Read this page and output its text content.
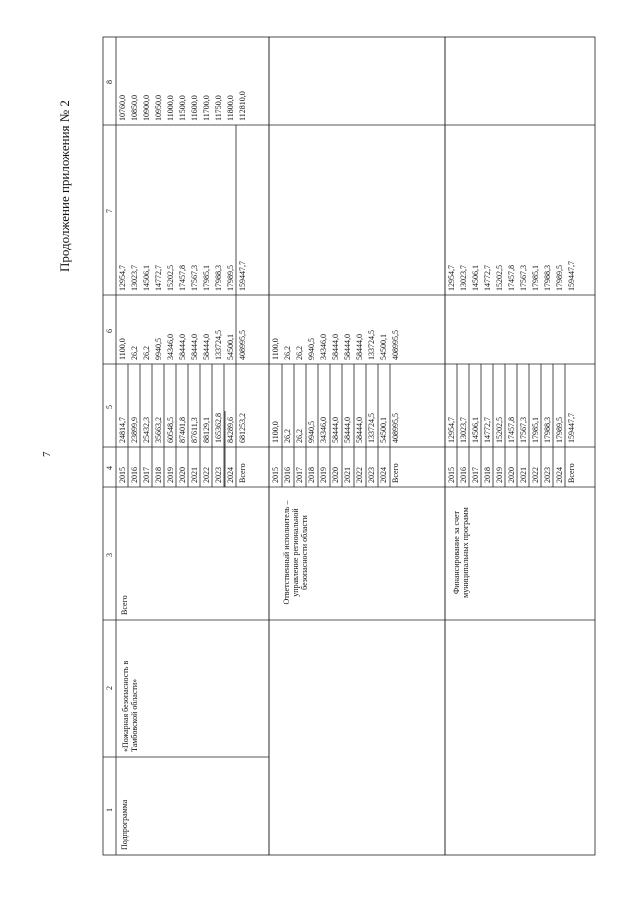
Продолжение приложения № 2
7
1
2
3
4
5
6
7
8
Подпрограмма
«Пожарная безопасность в Тамбовской области»
Всего
Ответственный исполнитель – управление региональной безопасности области	Финансирование за счет муниципальных программ
2015 2016 2017 2018 2019 2020 2021 2022 2023 2024 Всего
24814,7 23899,9 25432,3 35663,2 60548,5 87401,8 87611,3 88129,1 165362,8 84289,6 681253,2
1100,0 26,2 26,2 9940,5 34346,0 58444,0 58444,0 58444,0 133724,5 54500,1 408995,5
12954,7 13023,7 14506,1 14772,7 15202,5 17457,8 17567,3 17985,1 17988,3 17989,5 159447,7
10760,0 10850,0 10900,0 10950,0 11000,0 11500,0 11600,0 11700,0 11750,0 11800,0 112810,0
2015 2016 2017 2018 2019 2020 2021 2022 2023 2024 Всего
1100,0 26,2 26,2 9940,5 34346,0 58444,0 58444,0 58444,0 133724,5 54500,1 408995,5
1100,0 26,2 26,2 9940,5 34346,0 58444,0 58444,0 58444,0 133724,5 54500,1 408995,5
2015 2016 2017 2018 2019 2020 2021 2022 2023 2024 Всего
12954,7 13023,7 14506,1 14772,7 15202,5 17457,8 17567,3 17985,1 17988,3 17989,5 159447,7
12954,7 13023,7 14506,1 14772,7 15202,5 17457,8 17567,3 17985,1 17988,3 17989,5 159447,7
